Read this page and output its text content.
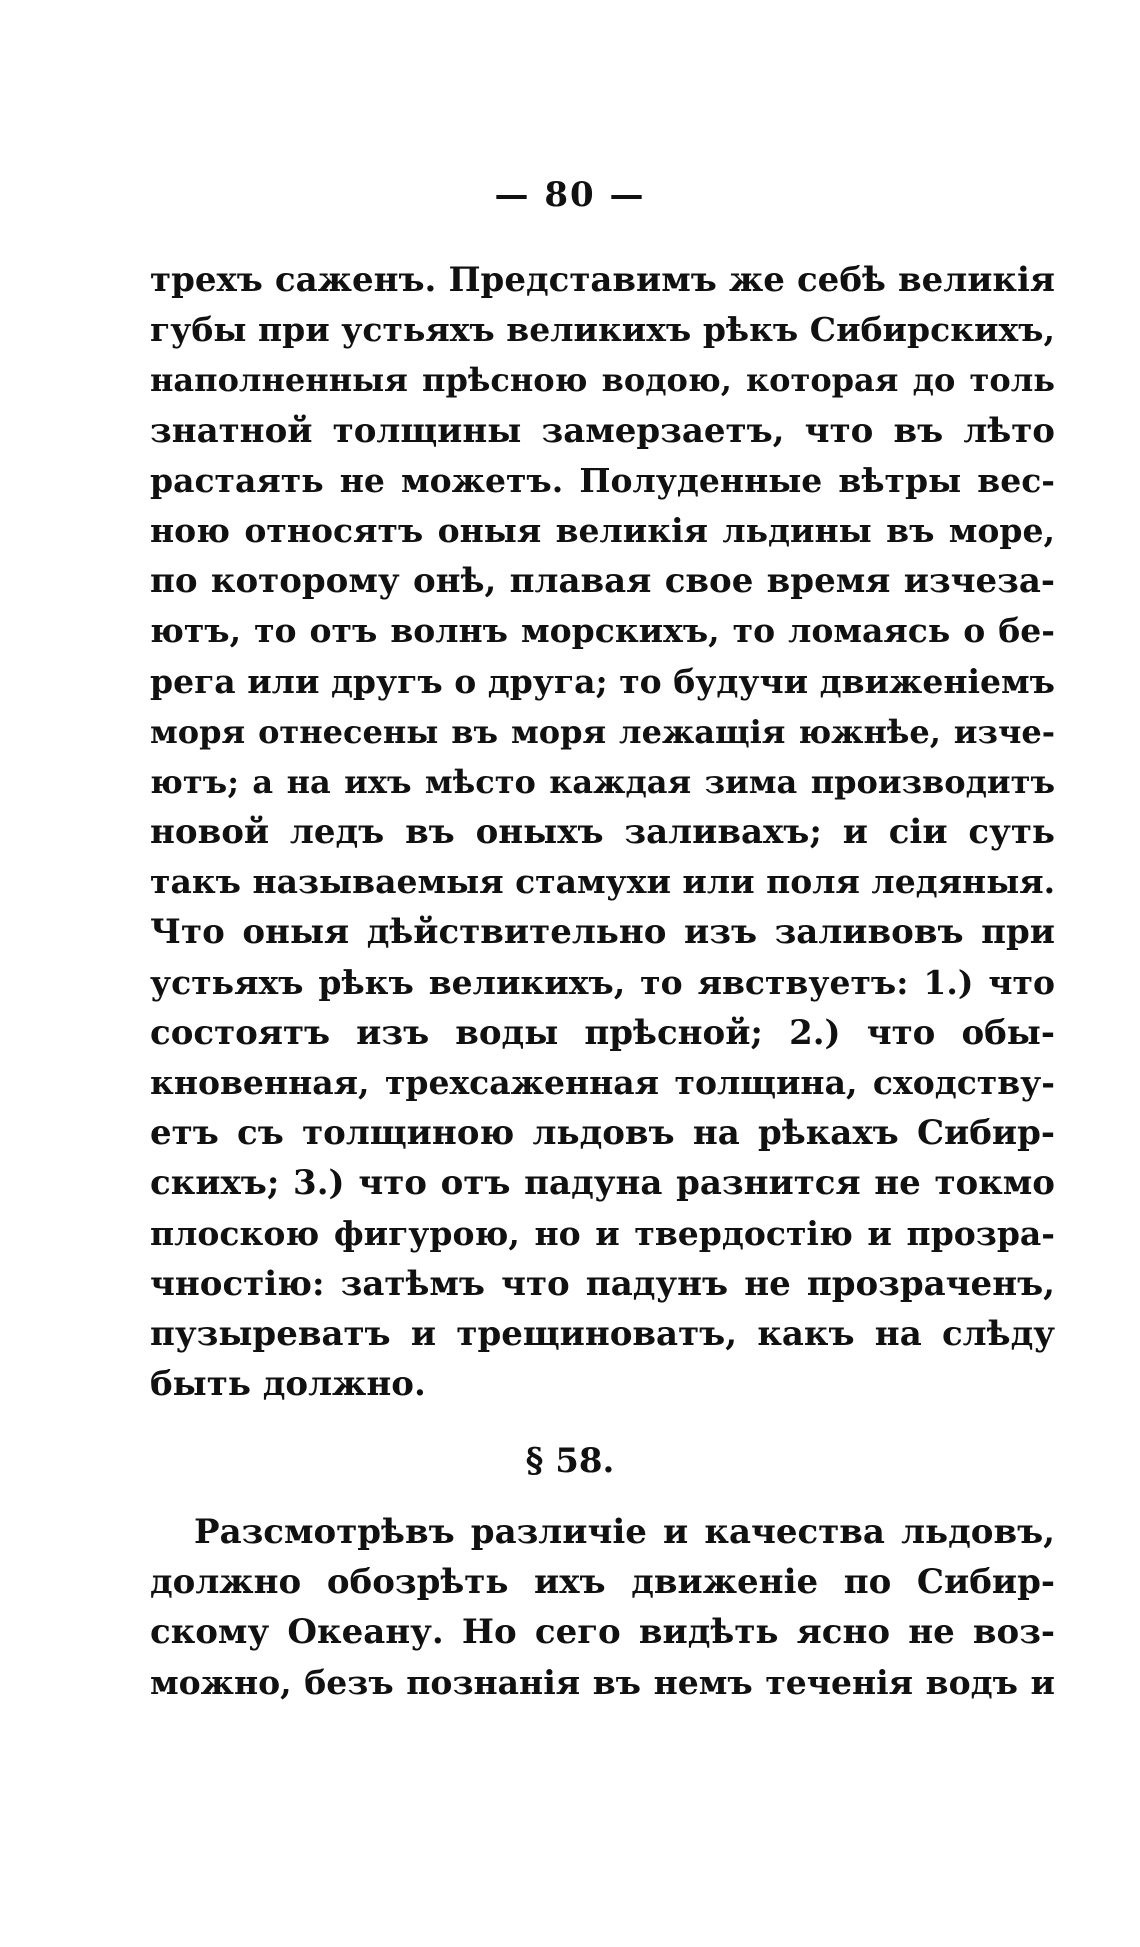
— 80 —
трехъ саженъ. Представимъ же себѣ великія
губы при устьяхъ великихъ рѣкъ Сибирскихъ,
наполненныя прѣсною водою, которая до толь
знатной толщины замерзаетъ, что въ лѣто
растаять не можетъ. Полуденные вѣтры вес-
ною относятъ оныя великія льдины въ море,
по которому онѣ, плавая свое время изчеза-
ютъ, то отъ волнъ морскихъ, то ломаясь о бе-
рега или другъ о друга; то будучи движеніемъ
моря отнесены въ моря лежащія южнѣе, изче-
ютъ; а на ихъ мѣсто каждая зима производитъ
новой ледъ въ оныхъ заливахъ; и сіи суть
такъ называемыя стамухи или поля ледяныя.
Что оныя дѣйствительно изъ заливовъ при
устьяхъ рѣкъ великихъ, то явствуетъ: 1.) что
состоятъ изъ воды прѣсной; 2.) что обы-
кновенная, трехсаженная толщина, сходству-
етъ съ толщиною льдовъ на рѣкахъ Сибир-
скихъ; 3.) что отъ падуна разнится не токмо
плоскою фигурою, но и твердостію и прозра-
чностію: затѣмъ что падунъ не прозраченъ,
пузыреватъ и трещиноватъ, какъ на слѣду
быть должно.
§ 58.
Разсмотрѣвъ различіе и качества льдовъ,
должно обозрѣть ихъ движеніе по Сибир-
скому Океану. Но сего видѣть ясно не воз-
можно, безъ познанія въ немъ теченія водъ и
